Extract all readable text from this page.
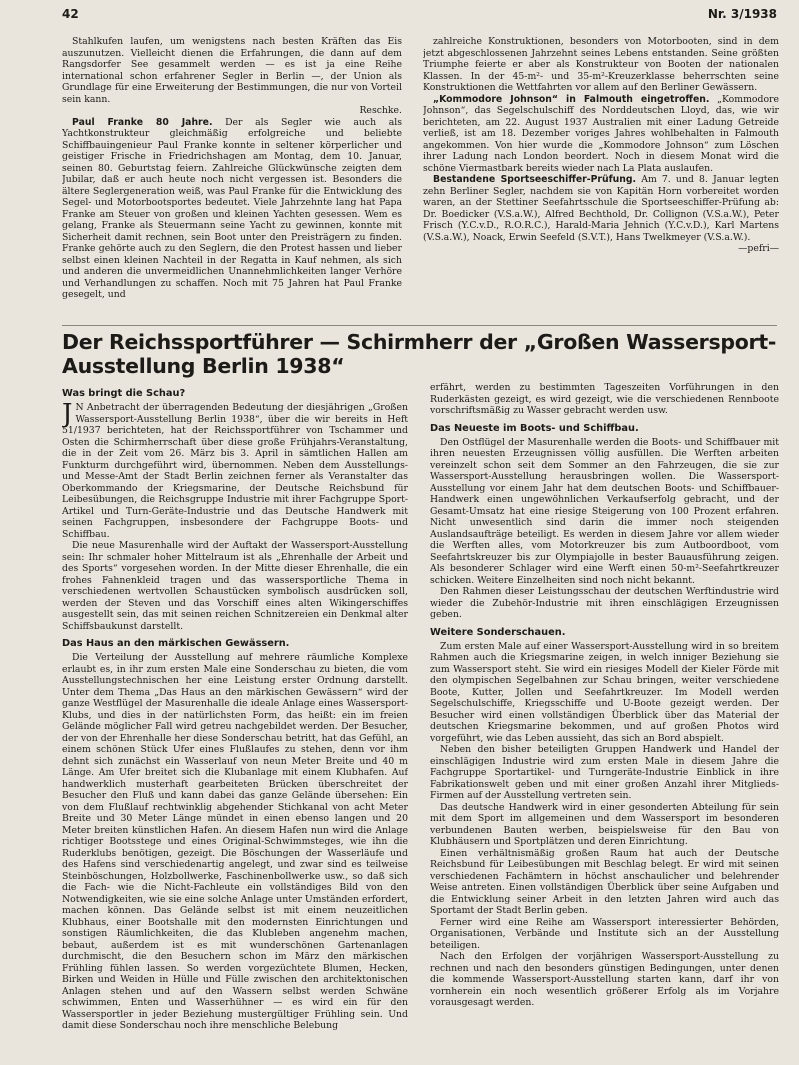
42	Nr. 3/1938

Stahlkufen laufen, um wenigstens nach besten Kräften das Eis auszunutzen. Vielleicht dienen die Erfahrungen, die dann auf dem Rangsdorfer See gesammelt werden — es ist ja eine Reihe international schon erfahrener Segler in Berlin —, der Union als Grundlage für eine Erweiterung der Bestimmungen, die nur von Vorteil sein kann.

Reschke.

Paul Franke 80 Jahre. Der als Segler wie auch als Yachtkonstrukteur gleichmäßig erfolgreiche und beliebte Schiffbauingenieur Paul Franke konnte in seltener körperlicher und geistiger Frische in Friedrichshagen am Montag, dem 10. Januar, seinen 80. Geburtstag feiern. Zahlreiche Glückwünsche zeigten dem Jubilar, daß er auch heute noch nicht vergessen ist. Besonders die ältere Seglergeneration weiß, was Paul Franke für die Entwicklung des Segel- und Motorbootsportes bedeutet. Viele Jahrzehnte lang hat Papa Franke am Steuer von großen und kleinen Yachten gesessen. Wem es gelang, Franke als Steuermann seine Yacht zu gewinnen, konnte mit Sicherheit damit rechnen, sein Boot unter den Preisträgern zu finden. Franke gehörte auch zu den Seglern, die den Protest hassen und lieber selbst einen kleinen Nachteil in der Regatta in Kauf nehmen, als sich und anderen die unvermeidlichen Unannehmlichkeiten langer Verhöre und Verhandlungen zu schaffen. Noch mit 75 Jahren hat Paul Franke gesegelt, und

zahlreiche Konstruktionen, besonders von Motorbooten, sind in dem jetzt abgeschlossenen Jahrzehnt seines Lebens entstanden. Seine größten Triumphe feierte er aber als Konstrukteur von Booten der nationalen Klassen. In der 45-m²- und 35-m²-Kreuzerklasse beherrschten seine Konstruktionen die Wettfahrten vor allem auf den Berliner Gewässern.

„Kommodore Johnson“ in Falmouth eingetroffen. „Kommodore Johnson“, das Segelschulschiff des Norddeutschen Lloyd, das, wie wir berichteten, am 22. August 1937 Australien mit einer Ladung Getreide verließ, ist am 18. Dezember voriges Jahres wohlbehalten in Falmouth angekommen. Von hier wurde die „Kommodore Johnson“ zum Löschen ihrer Ladung nach London beordert. Noch in diesem Monat wird die schöne Viermastbark bereits wieder nach La Plata auslaufen.

Bestandene Sportseeschiffer-Prüfung. Am 7. und 8. Januar legten zehn Berliner Segler, nachdem sie von Kapitän Horn vorbereitet worden waren, an der Stettiner Seefahrtsschule die Sportseeschiffer-Prüfung ab: Dr. Boedicker (V.S.a.W.), Alfred Bechthold, Dr. Collignon (V.S.a.W.), Peter Frisch (Y.C.v.D., R.O.R.C.), Harald-Maria Jehnich (Y.C.v.D.), Karl Martens (V.S.a.W.), Noack, Erwin Seefeld (S.V.T.), Hans Twelkmeyer (V.S.a.W.).

—pefri—

Der Reichssportführer — Schirmherr der „Großen Wassersport-Ausstellung Berlin 1938“
Was bringt die Schau?

J N Anbetracht der überragenden Bedeutung der diesjährigen „Großen Wassersport-Ausstellung Berlin 1938“, über die wir bereits in Heft 51/1937 berichteten, hat der Reichssportführer von Tschammer und Osten die Schirmherrschaft über diese große Frühjahrs-Veranstaltung, die in der Zeit vom 26. März bis 3. April in sämtlichen Hallen am Funkturm durchgeführt wird, übernommen. Neben dem Ausstellungs- und Messe-Amt der Stadt Berlin zeichnen ferner als Veranstalter das Oberkommando der Kriegsmarine, der Deutsche Reichsbund für Leibesübungen, die Reichsgruppe Industrie mit ihrer Fachgruppe Sport-Artikel und Turn-Geräte-Industrie und das Deutsche Handwerk mit seinen Fachgruppen, insbesondere der Fachgruppe Boots- und Schiffbau.

Die neue Masurenhalle wird der Auftakt der Wassersport-Ausstellung sein: Ihr schmaler hoher Mittelraum ist als „Ehrenhalle der Arbeit und des Sports“ vorgesehen worden. In der Mitte dieser Ehrenhalle, die ein frohes Fahnenkleid tragen und das wassersportliche Thema in verschiedenen wertvollen Schaustücken symbolisch ausdrücken soll, werden der Steven und das Vorschiff eines alten Wikingerschiffes ausgestellt sein, das mit seinen reichen Schnitzereien ein Denkmal alter Schiffsbaukunst darstellt.

Das Haus an den märkischen Gewässern.

Die Verteilung der Ausstellung auf mehrere räumliche Komplexe erlaubt es, in ihr zum ersten Male eine Sonderschau zu bieten, die vom Ausstellungstechnischen her eine Leistung erster Ordnung darstellt. Unter dem Thema „Das Haus an den märkischen Gewässern“ wird der ganze Westflügel der Masurenhalle die ideale Anlage eines Wassersport-Klubs, und dies in der natürlichsten Form, das heißt: ein im freien Gelände möglicher Fall wird getreu nachgebildet werden. Der Besucher, der von der Ehrenhalle her diese Sonderschau betritt, hat das Gefühl, an einem schönen Stück Ufer eines Flußlaufes zu stehen, denn vor ihm dehnt sich zunächst ein Wasserlauf von neun Meter Breite und 40 m Länge. Am Ufer breitet sich die Klubanlage mit einem Klubhafen. Auf handwerklich musterhaft gearbeiteten Brücken überschreitet der Besucher den Fluß und kann dabei das ganze Gelände übersehen: Ein von dem Flußlauf rechtwinklig abgehender Stichkanal von acht Meter Breite und 30 Meter Länge mündet in einen ebenso langen und 20 Meter breiten künstlichen Hafen. An diesem Hafen nun wird die Anlage richtiger Bootsstege und eines Original-Schwimmsteges, wie ihn die Ruderklubs benötigen, gezeigt. Die Böschungen der Wasserläufe und des Hafens sind verschiedenartig angelegt, und zwar sind es teilweise Steinböschungen, Holzbollwerke, Faschinenbollwerke usw., so daß sich die Fach- wie die Nicht-Fachleute ein vollständiges Bild von den Notwendigkeiten, wie sie eine solche Anlage unter Umständen erfordert, machen können. Das Gelände selbst ist mit einem neuzeitlichen Klubhaus, einer Bootshalle mit den modernsten Einrichtungen und sonstigen Räumlichkeiten, die das Klubleben angenehm machen, bebaut, außerdem ist es mit wunderschönen Gartenanlagen durchmischt, die den Besuchern schon im März den märkischen Frühling fühlen lassen. So werden vorgezüchtete Blumen, Hecken, Birken und Weiden in Hülle und Fülle zwischen den architektonischen Anlagen stehen und auf den Wassern selbst werden Schwäne schwimmen, Enten und Wasserhühner — es wird ein für den Wassersportler in jeder Beziehung mustergültiger Frühling sein. Und damit diese Sonderschau noch ihre menschliche Belebung

erfährt, werden zu bestimmten Tageszeiten Vorführungen in den Ruderkästen gezeigt, es wird gezeigt, wie die verschiedenen Rennboote vorschriftsmäßig zu Wasser gebracht werden usw.

Das Neueste im Boots- und Schiffbau.

Den Ostflügel der Masurenhalle werden die Boots- und Schiffbauer mit ihren neuesten Erzeugnissen völlig ausfüllen. Die Werften arbeiten vereinzelt schon seit dem Sommer an den Fahrzeugen, die sie zur Wassersport-Ausstellung herausbringen wollen. Die Wassersport-Ausstellung vor einem Jahr hat dem deutschen Boots- und Schiffbauer-Handwerk einen ungewöhnlichen Verkaufserfolg gebracht, und der Gesamt-Umsatz hat eine riesige Steigerung von 100 Prozent erfahren. Nicht unwesentlich sind darin die immer noch steigenden Auslandsaufträge beteiligt. Es werden in diesem Jahre vor allem wieder die Werften alles, vom Motorkreuzer bis zum Autboordboot, vom Seefahrtskreuzer bis zur Olympiajolle in bester Bauausführung zeigen. Als besonderer Schlager wird eine Werft einen 50-m²-Seefahrtkreuzer schicken. Weitere Einzelheiten sind noch nicht bekannt.

Den Rahmen dieser Leistungsschau der deutschen Werftindustrie wird wieder die Zubehör-Industrie mit ihren einschlägigen Erzeugnissen geben.

Weitere Sonderschauen.

Zum ersten Male auf einer Wassersport-Ausstellung wird in so breitem Rahmen auch die Kriegsmarine zeigen, in welch inniger Beziehung sie zum Wassersport steht. Sie wird ein riesiges Modell der Kieler Förde mit den olympischen Segelbahnen zur Schau bringen, weiter verschiedene Boote, Kutter, Jollen und Seefahrtkreuzer. Im Modell werden Segelschulschiffe, Kriegsschiffe und U-Boote gezeigt werden. Der Besucher wird einen vollständigen Überblick über das Material der deutschen Kriegsmarine bekommen, und auf großen Photos wird vorgeführt, wie das Leben aussieht, das sich an Bord abspielt.

Neben den bisher beteiligten Gruppen Handwerk und Handel der einschlägigen Industrie wird zum ersten Male in diesem Jahre die Fachgruppe Sportartikel- und Turngeräte-Industrie Einblick in ihre Fabrikationswelt geben und mit einer großen Anzahl ihrer Mitglieds-Firmen auf der Ausstellung vertreten sein.

Das deutsche Handwerk wird in einer gesonderten Abteilung für sein mit dem Sport im allgemeinen und dem Wassersport im besonderen verbundenen Bauten werben, beispielsweise für den Bau von Klubhäusern und Sportplätzen und deren Einrichtung.

Einen verhältnismäßig großen Raum hat auch der Deutsche Reichsbund für Leibesübungen mit Beschlag belegt. Er wird mit seinen verschiedenen Fachämtern in höchst anschaulicher und belehrender Weise antreten. Einen vollständigen Überblick über seine Aufgaben und die Entwicklung seiner Arbeit in den letzten Jahren wird auch das Sportamt der Stadt Berlin geben.

Ferner wird eine Reihe am Wassersport interessierter Behörden, Organisationen, Verbände und Institute sich an der Ausstellung beteiligen.

Nach den Erfolgen der vorjährigen Wassersport-Ausstellung zu rechnen und nach den besonders günstigen Bedingungen, unter denen die kommende Wassersport-Ausstellung starten kann, darf ihr von vornherein ein noch wesentlich größerer Erfolg als im Vorjahre vorausgesagt werden.
